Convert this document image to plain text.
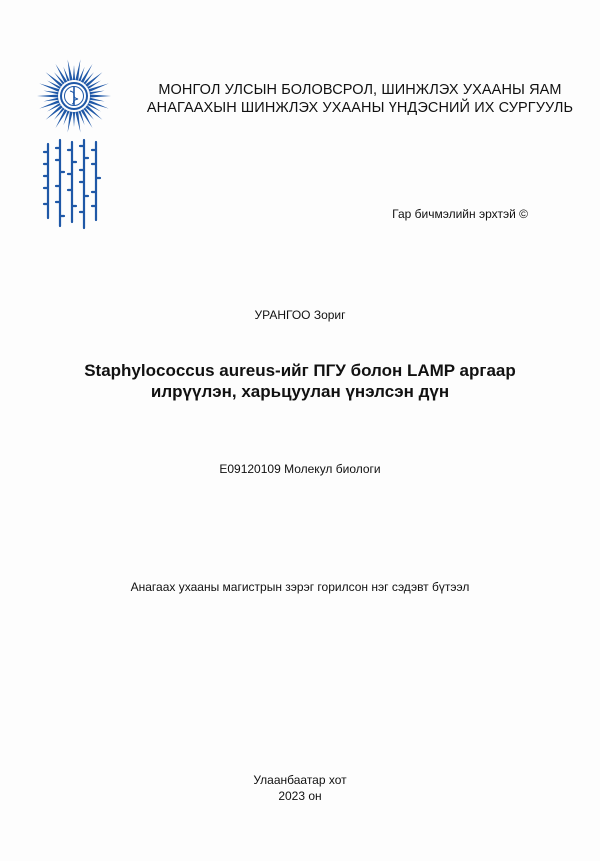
МОНГОЛ УЛСЫН БОЛОВСРОЛ, ШИНЖЛЭХ УХААНЫ ЯАМ
АНАГААХЫН ШИНЖЛЭХ УХААНЫ ҮНДЭСНИЙ ИХ СУРГУУЛЬ
Гар бичмэлийн эрхтэй ©
УРАНГОО Зориг
Staphylococcus aureus-ийг ПГУ болон LAMP аргаар
илрүүлэн, харьцуулан үнэлсэн дүн
E09120109 Молекул биологи
Анагаах ухааны магистрын зэрэг горилсон нэг сэдэвт бүтээл
Улаанбаатар хот
2023 он
